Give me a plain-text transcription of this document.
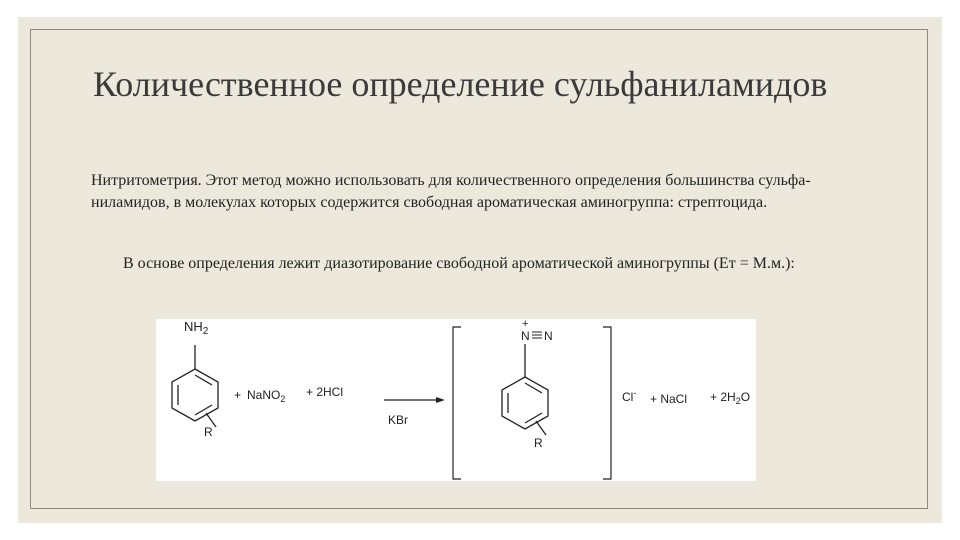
Количественное определение сульфаниламидов

Нитритометрия. Этот метод можно использовать для количественного определения большинства сульфа- ниламидов, в молекулах которых содержится свободная ароматическая аминогруппа: стрептоцида.

В основе определения лежит диазотирование свободной ароматической аминогруппы (Ет = М.м.):

$NH_2$
R
+ NaNO$_2$ + 2HCl
KBr
+
N N
R
Cl- + NaCl + $2H_2O$
